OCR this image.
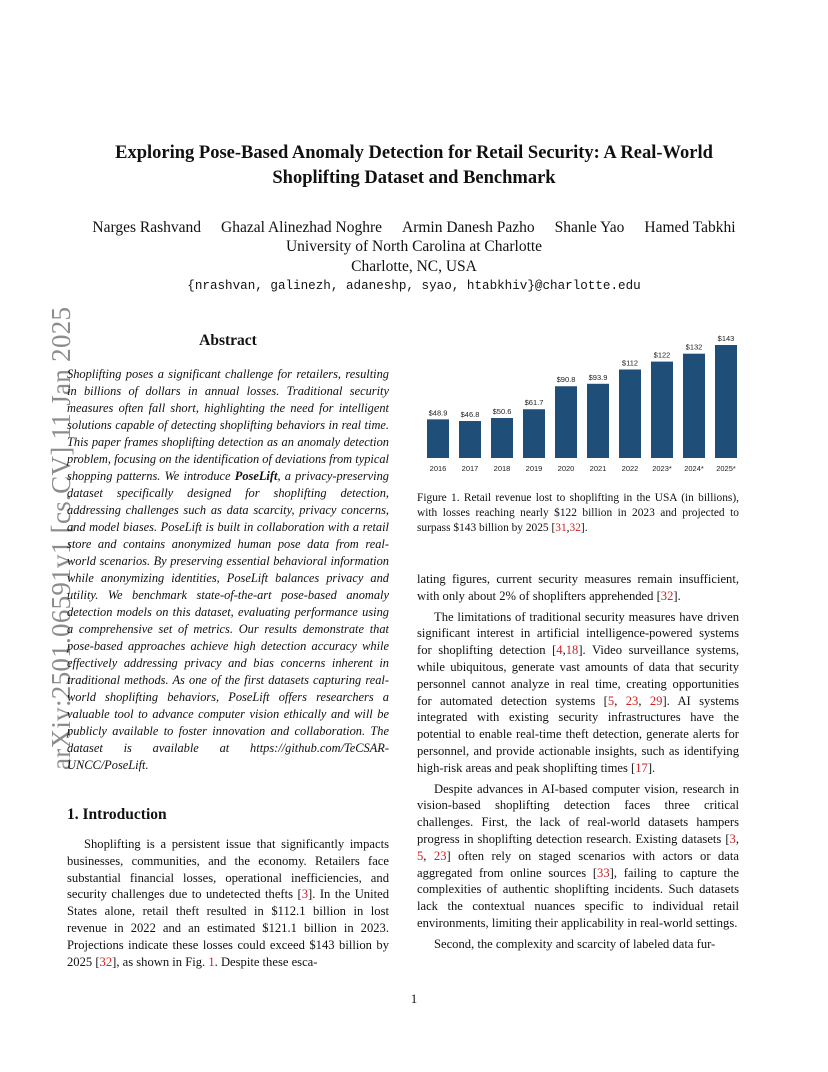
arXiv:2501.06591v1 [cs.CV] 11 Jan 2025
Exploring Pose-Based Anomaly Detection for Retail Security: A Real-World
Shoplifting Dataset and Benchmark
Narges Rashvand Ghazal Alinezhad Noghre Armin Danesh Pazho Shanle Yao Hamed Tabkhi
University of North Carolina at Charlotte
Charlotte, NC, USA
{nrashvan, galinezh, adaneshp, syao, htabkhiv}@charlotte.edu
Abstract
Shoplifting poses a significant challenge for retailers, resulting in billions of dollars in annual losses. Traditional security measures often fall short, highlighting the need for intelligent solutions capable of detecting shoplifting behaviors in real time. This paper frames shoplifting detection as an anomaly detection problem, focusing on the identification of deviations from typical shopping patterns. We introduce PoseLift, a privacy-preserving dataset specifically designed for shoplifting detection, addressing challenges such as data scarcity, privacy concerns, and model biases. PoseLift is built in collaboration with a retail store and contains anonymized human pose data from real-world scenarios. By preserving essential behavioral information while anonymizing identities, PoseLift balances privacy and utility. We benchmark state-of-the-art pose-based anomaly detection models on this dataset, evaluating performance using a comprehensive set of metrics. Our results demonstrate that pose-based approaches achieve high detection accuracy while effectively addressing privacy and bias concerns inherent in traditional methods. As one of the first datasets capturing real-world shoplifting behaviors, PoseLift offers researchers a valuable tool to advance computer vision ethically and will be publicly available to foster innovation and collaboration. The dataset is available at https://github.com/TeCSAR-UNCC/PoseLift.
1. Introduction

Shoplifting is a persistent issue that significantly impacts businesses, communities, and the economy. Retailers face substantial financial losses, operational inefficiencies, and security challenges due to undetected thefts [3]. In the United States alone, retail theft resulted in $112.1 billion in lost revenue in 2022 and an estimated $121.1 billion in 2023. Projections indicate these losses could exceed $143 billion by 2025 [32], as shown in Fig. 1. Despite these esca-

$48.9 $46.8 $50.6
$61.7
$90.8 $93.9
$112
$122
$132
$143
2016 2017 2018 2019 2020 2021 2022 2023* 2024* 2025*
Figure 1. Retail revenue lost to shoplifting in the USA (in billions), with losses reaching nearly $122 billion in 2023 and projected to surpass $143 billion by 2025 [31,32].

lating figures, current security measures remain insufficient, with only about 2% of shoplifters apprehended [32].

The limitations of traditional security measures have driven significant interest in artificial intelligence-powered systems for shoplifting detection [4,18]. Video surveillance systems, while ubiquitous, generate vast amounts of data that security personnel cannot analyze in real time, creating opportunities for automated detection systems [5, 23, 29]. AI systems integrated with existing security infrastructures have the potential to enable real-time theft detection, generate alerts for personnel, and provide actionable insights, such as identifying high-risk areas and peak shoplifting times [17].

Despite advances in AI-based computer vision, research in vision-based shoplifting detection faces three critical challenges. First, the lack of real-world datasets hampers progress in shoplifting detection research. Existing datasets [3, 5, 23] often rely on staged scenarios with actors or data aggregated from online sources [33], failing to capture the complexities of authentic shoplifting incidents. Such datasets lack the contextual nuances specific to individual retail environments, limiting their applicability in real-world settings.

Second, the complexity and scarcity of labeled data fur-

1
